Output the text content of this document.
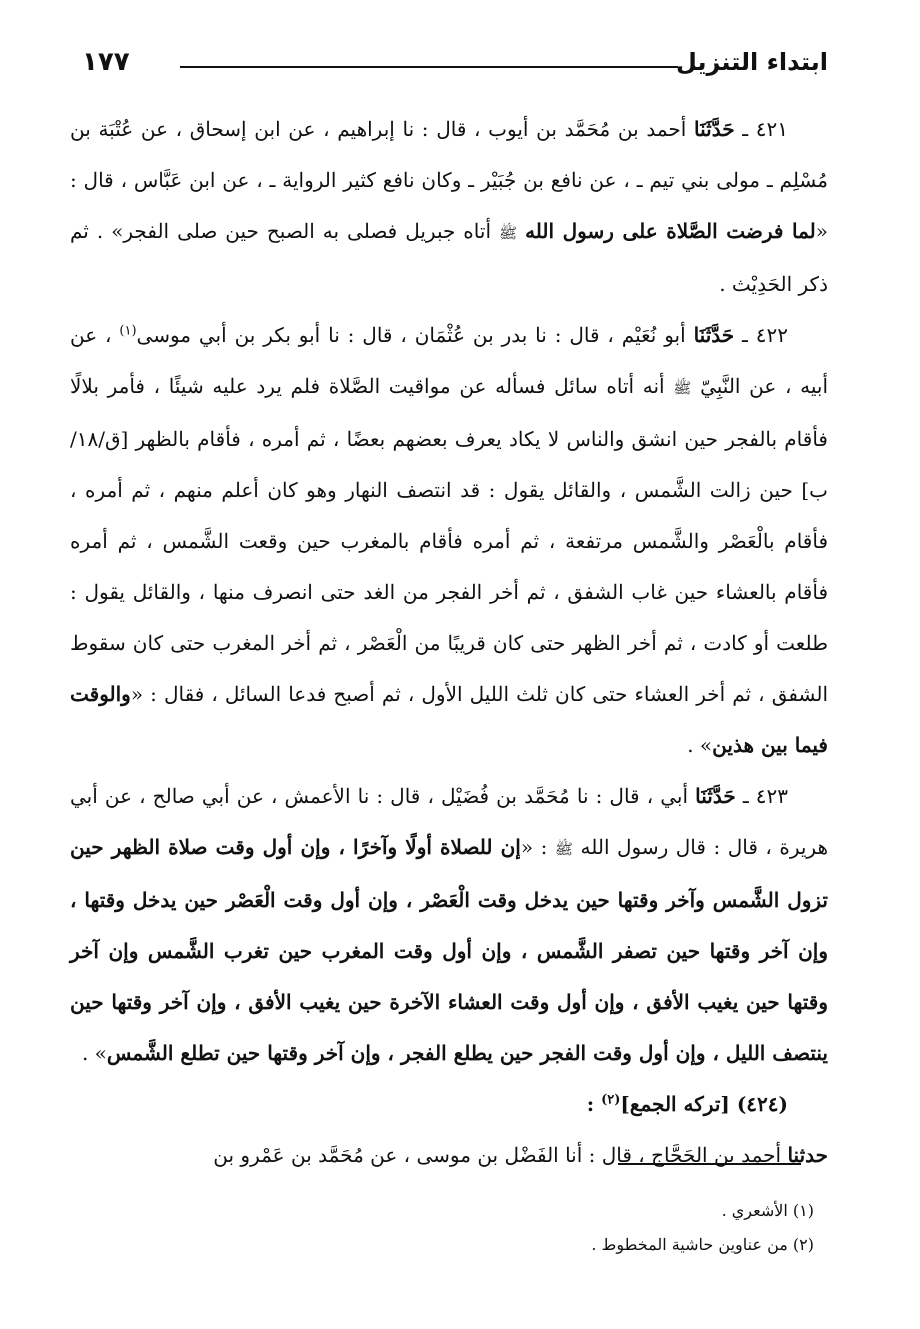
ابتداء التنزيل
١٧٧

٤٢١ ـ حَدَّثَنَا أحمد بن مُحَمَّد بن أيوب ، قال : نا إبراهيم ، عن ابن إسحاق ، عن عُتْبَة بن مُسْلِم ـ مولى بني تيم ـ ، عن نافع بن جُبَيْر ـ وكان نافع كثير الرواية ـ ، عن ابن عَبَّاس ، قال : «لما فرضت الصَّلاة على رسول الله ﷺ أتاه جبريل فصلى به الصبح حين صلى الفجر» . ثم ذكر الحَدِيْث .

٤٢٢ ـ حَدَّثَنَا أبو نُعَيْم ، قال : نا بدر بن عُثْمَان ، قال : نا أبو بكر بن أبي موسى$^{(١)}$ ، عن أبيه ، عن النَّبِيّ ﷺ أنه أتاه سائل فسأله عن مواقيت الصَّلاة فلم يرد عليه شيئًا ، فأمر بلالًا فأقام بالفجر حين انشق والناس لا يكاد يعرف بعضهم بعضًا ، ثم أمره ، فأقام بالظهر [ق/١٨/ب] حين زالت الشَّمس ، والقائل يقول : قد انتصف النهار وهو كان أعلم منهم ، ثم أمره ، فأقام بالْعَصْر والشَّمس مرتفعة ، ثم أمره فأقام بالمغرب حين وقعت الشَّمس ، ثم أمره فأقام بالعشاء حين غاب الشفق ، ثم أخر الفجر من الغد حتى انصرف منها ، والقائل يقول : طلعت أو كادت ، ثم أخر الظهر حتى كان قريبًا من الْعَصْر ، ثم أخر المغرب حتى كان سقوط الشفق ، ثم أخر العشاء حتى كان ثلث الليل الأول ، ثم أصبح فدعا السائل ، فقال : «والوقت فيما بين هذين» .

٤٢٣ ـ حَدَّثَنَا أبي ، قال : نا مُحَمَّد بن فُضَيْل ، قال : نا الأعمش ، عن أبي صالح ، عن أبي هريرة ، قال : قال رسول الله ﷺ : «إن للصلاة أولًا وآخرًا ، وإن أول وقت صلاة الظهر حين تزول الشَّمس وآخر وقتها حين يدخل وقت الْعَصْر ، وإن أول وقت الْعَصْر حين يدخل وقتها ، وإن آخر وقتها حين تصفر الشَّمس ، وإن أول وقت المغرب حين تغرب الشَّمس وإن آخر وقتها حين يغيب الأفق ، وإن أول وقت العشاء الآخرة حين يغيب الأفق ، وإن آخر وقتها حين ينتصف الليل ، وإن أول وقت الفجر حين يطلع الفجر ، وإن آخر وقتها حين تطلع الشَّمس» .

(٤٢٤) [تركه الجمع]$^{(٢)}$ :

حدثنا أحمد بن الحَجَّاج ، قال : أنا الفَضْل بن موسى ، عن مُحَمَّد بن عَمْرو بن

(١) الأشعري .

(٢) من عناوين حاشية المخطوط .
